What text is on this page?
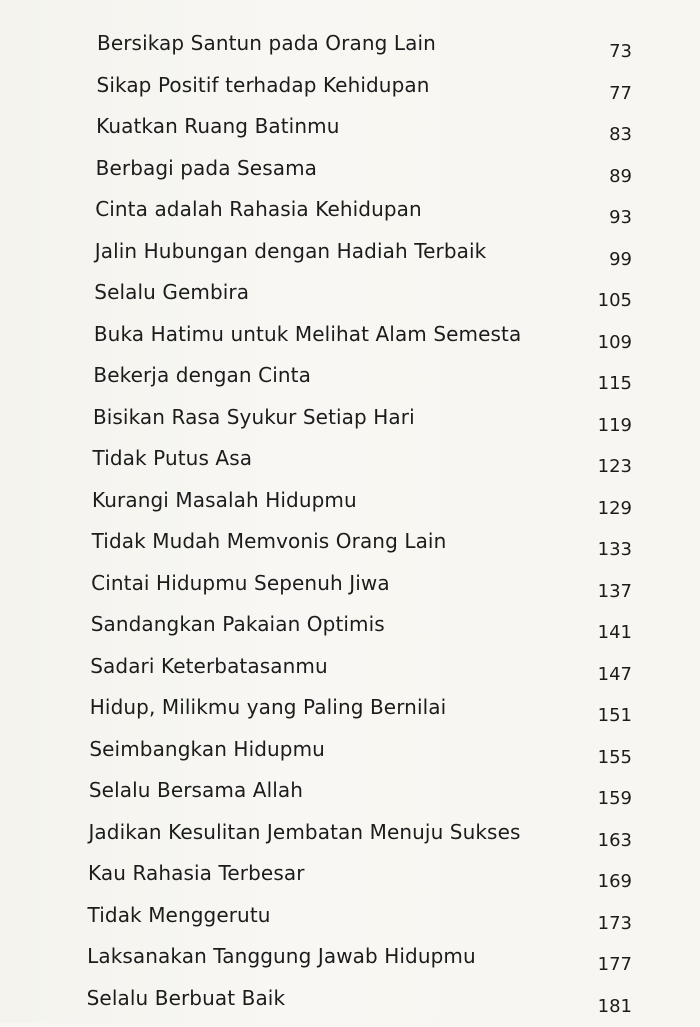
Bersikap Santun pada Orang Lain	73
Sikap Positif terhadap Kehidupan	77
Kuatkan Ruang Batinmu	83
Berbagi pada Sesama	89
Cinta adalah Rahasia Kehidupan	93
Jalin Hubungan dengan Hadiah Terbaik	99
Selalu Gembira	105
Buka Hatimu untuk Melihat Alam Semesta	109
Bekerja dengan Cinta	115
Bisikan Rasa Syukur Setiap Hari	119
Tidak Putus Asa	123
Kurangi Masalah Hidupmu	129
Tidak Mudah Memvonis Orang Lain	133
Cintai Hidupmu Sepenuh Jiwa	137
Sandangkan Pakaian Optimis	141
Sadari Keterbatasanmu	147
Hidup, Milikmu yang Paling Bernilai	151
Seimbangkan Hidupmu	155
Selalu Bersama Allah	159
Jadikan Kesulitan Jembatan Menuju Sukses	163
Kau Rahasia Terbesar	169
Tidak Menggerutu	173
Laksanakan Tanggung Jawab Hidupmu	177
Selalu Berbuat Baik	181
